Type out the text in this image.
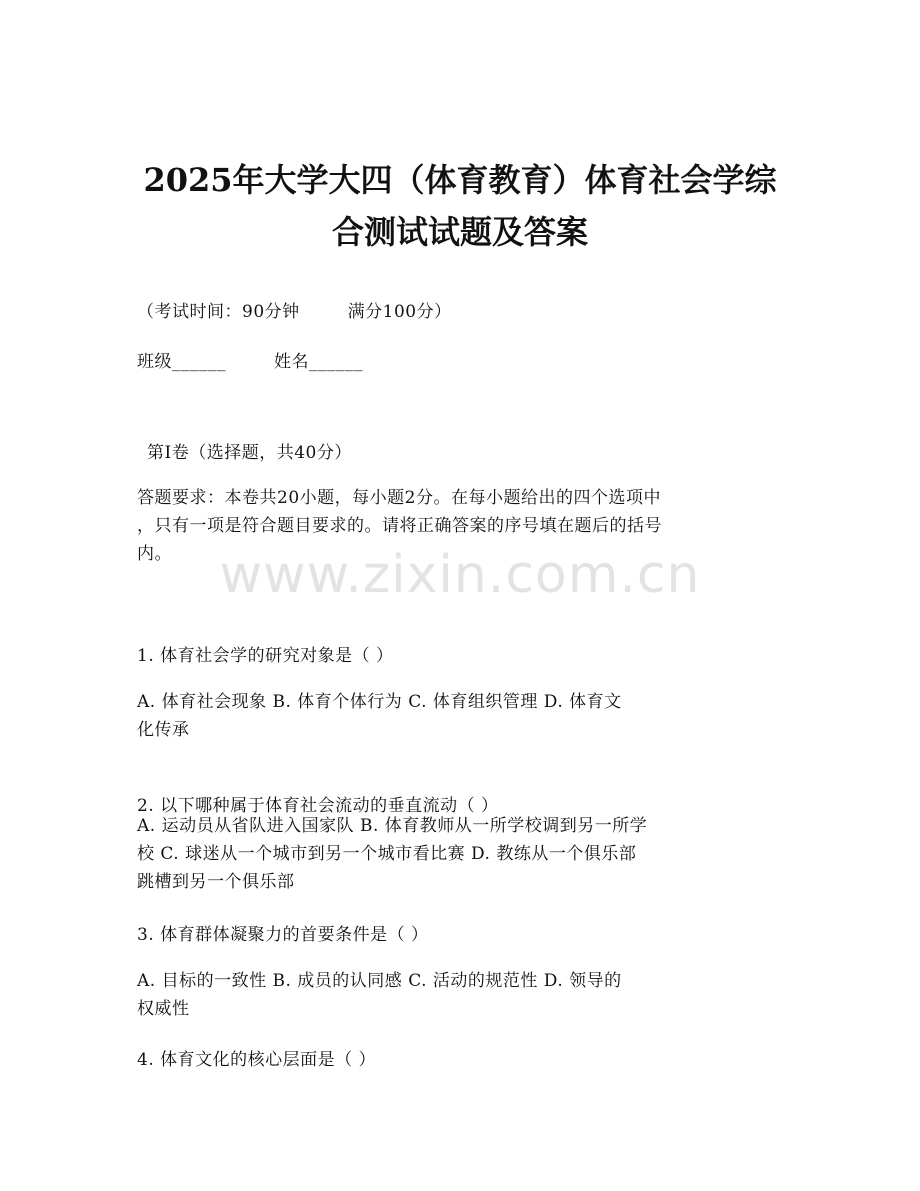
www.zixin.com.cn
2025年大学大四（体育教育）体育社会学综
合测试试题及答案
（考试时间：90分钟	满分100分）
班级______	姓名______
第I卷（选择题，共40分）
答题要求：本卷共20小题，每小题2分。在每小题给出的四个选项中
，只有一项是符合题目要求的。请将正确答案的序号填在题后的括号
内。
1. 体育社会学的研究对象是（ ）
A. 体育社会现象 B. 体育个体行为 C. 体育组织管理 D. 体育文
化传承
2. 以下哪种属于体育社会流动的垂直流动（ ）
A. 运动员从省队进入国家队 B. 体育教师从一所学校调到另一所学
校 C. 球迷从一个城市到另一个城市看比赛 D. 教练从一个俱乐部
跳槽到另一个俱乐部
3. 体育群体凝聚力的首要条件是（ ）
A. 目标的一致性 B. 成员的认同感 C. 活动的规范性 D. 领导的
权威性
4. 体育文化的核心层面是（ ）
